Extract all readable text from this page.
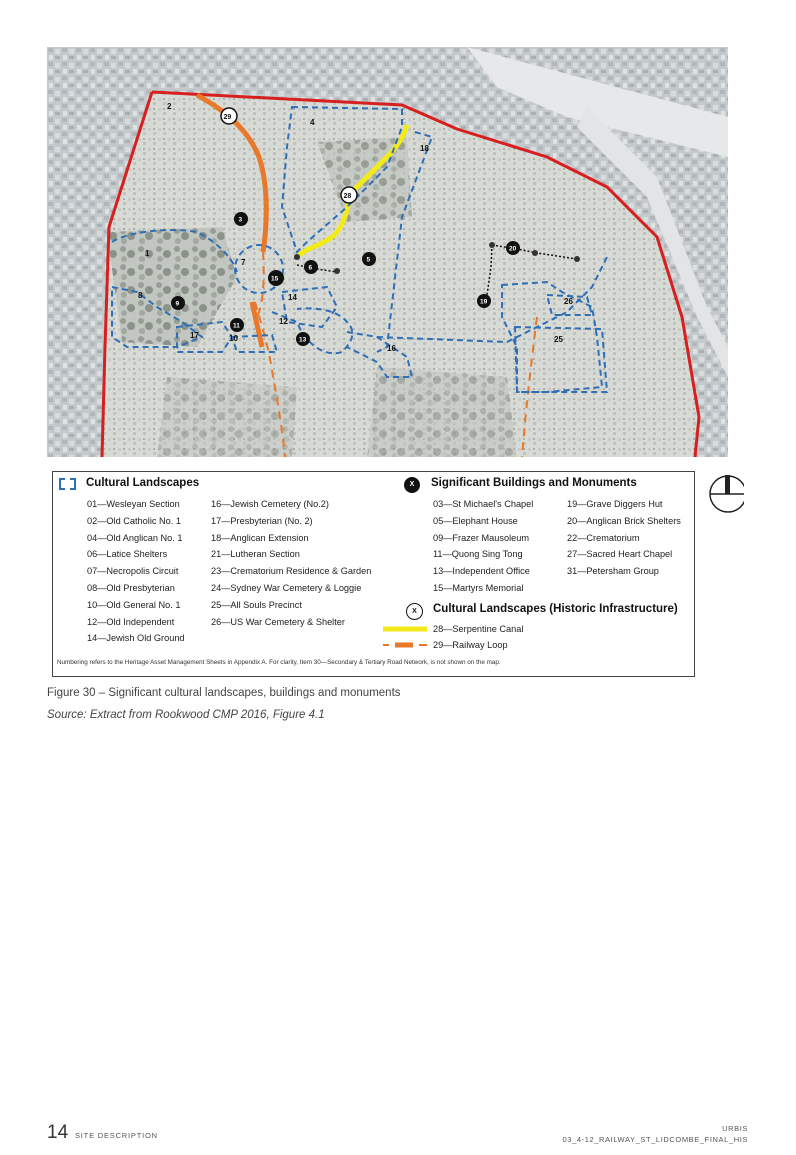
2
4
18
1
8
7
14
12
17	10
16
26
25
5
29
28
3
6
15
9
11
13
20
19
Cultural Landscapes
01—Wesleyan Section
02—Old Catholic No. 1
04—Old Anglican No. 1
06—Latice Shelters
07—Necropolis Circuit
08—Old Presbyterian
10—Old General No. 1
12—Old Independent
14—Jewish Old Ground
16—Jewish Cemetery (No.2)
17—Presbyterian (No. 2)
18—Anglican Extension
21—Lutheran Section
23—Crematorium Residence & Garden
24—Sydney War Cemetery & Loggie
25—All Souls Precinct
26—US War Cemetery & Shelter
X	Significant Buildings and Monuments
03—St Michael's Chapel
05—Elephant House
09—Frazer Mausoleum
11—Quong Sing Tong
13—Independent Office
15—Martyrs Memorial
19—Grave Diggers Hut
20—Anglican Brick Shelters
22—Crematorium
27—Sacred Heart Chapel
31—Petersham Group
X	Cultural Landscapes (Historic Infrastructure)
28—Serpentine Canal
29—Railway Loop
Numbering refers to the Heritage Asset Management Sheets in Appendix A. For clarity, Item 30—Secondary & Tertiary Road Network, is not shown on the map.
Figure 30 – Significant cultural landscapes, buildings and monuments
Source: Extract from Rookwood CMP 2016, Figure 4.1
14 SITE DESCRIPTION
URBIS
03_4-12_RAILWAY_ST_LIDCOMBE_FINAL_HIS
